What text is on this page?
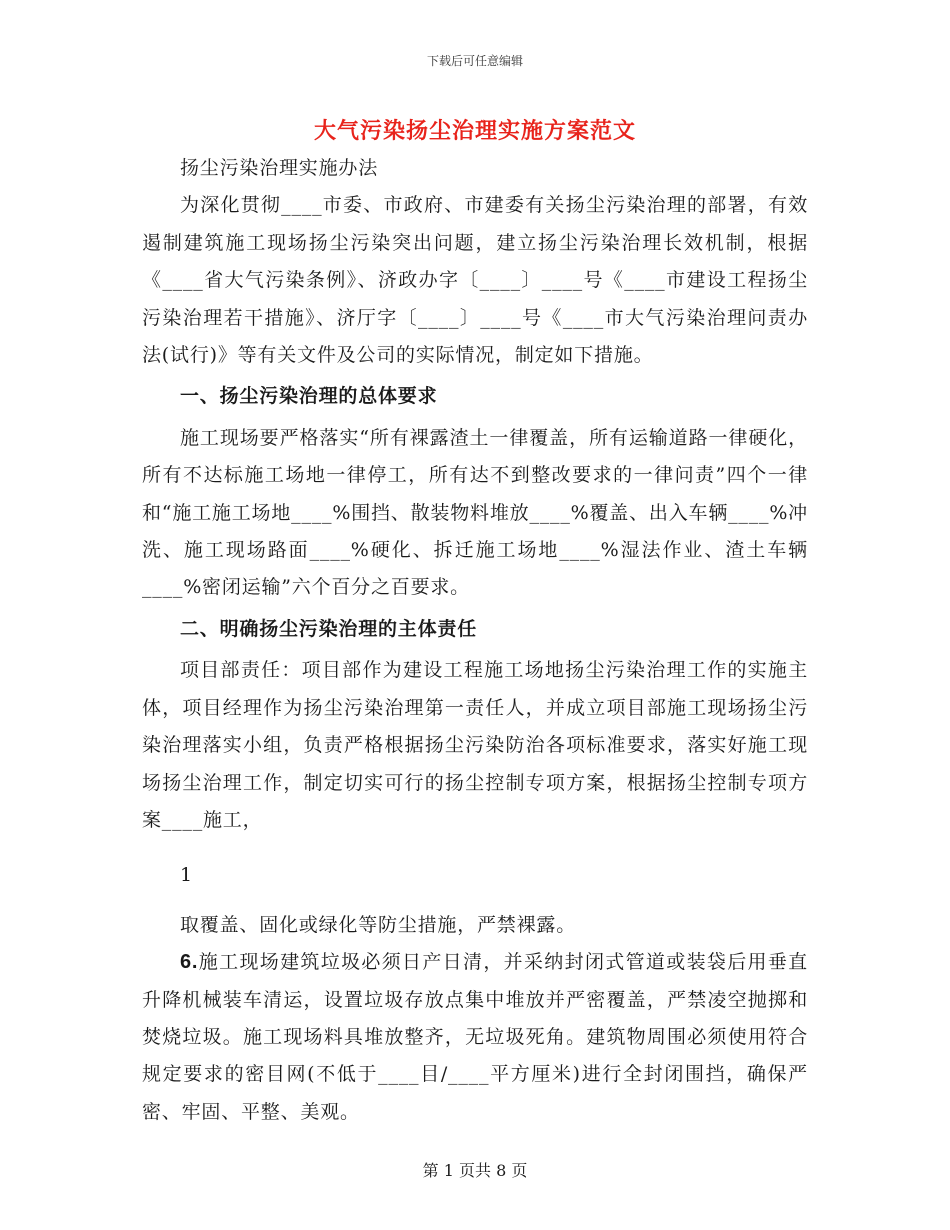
下载后可任意编辑
大气污染扬尘治理实施方案范文

扬尘污染治理实施办法

为深化贯彻____市委、市政府、市建委有关扬尘污染治理的部署，有效遏制建筑施工现场扬尘污染突出问题，建立扬尘污染治理长效机制，根据《____省大气污染条例》、济政办字〔____〕____号《____市建设工程扬尘污染治理若干措施》、济厅字〔____〕____号《____市大气污染治理问责办法(试行)》等有关文件及公司的实际情况，制定如下措施。

一、扬尘污染治理的总体要求

施工现场要严格落实“所有裸露渣土一律覆盖，所有运输道路一律硬化，所有不达标施工场地一律停工，所有达不到整改要求的一律问责”四个一律和“施工施工场地____%围挡、散装物料堆放____%覆盖、出入车辆____%冲洗、施工现场路面____%硬化、拆迁施工场地____%湿法作业、渣土车辆____%密闭运输”六个百分之百要求。

二、明确扬尘污染治理的主体责任

项目部责任：项目部作为建设工程施工场地扬尘污染治理工作的实施主体，项目经理作为扬尘污染治理第一责任人，并成立项目部施工现场扬尘污染治理落实小组，负责严格根据扬尘污染防治各项标准要求，落实好施工现场扬尘治理工作，制定切实可行的扬尘控制专项方案，根据扬尘控制专项方案____施工，

1

取覆盖、固化或绿化等防尘措施，严禁裸露。

6.施工现场建筑垃圾必须日产日清，并采纳封闭式管道或装袋后用垂直升降机械装车清运，设置垃圾存放点集中堆放并严密覆盖，严禁凌空抛掷和焚烧垃圾。施工现场料具堆放整齐，无垃圾死角。建筑物周围必须使用符合规定要求的密目网(不低于____目/____平方厘米)进行全封闭围挡，确保严密、牢固、平整、美观。

第 1 页共 8 页
